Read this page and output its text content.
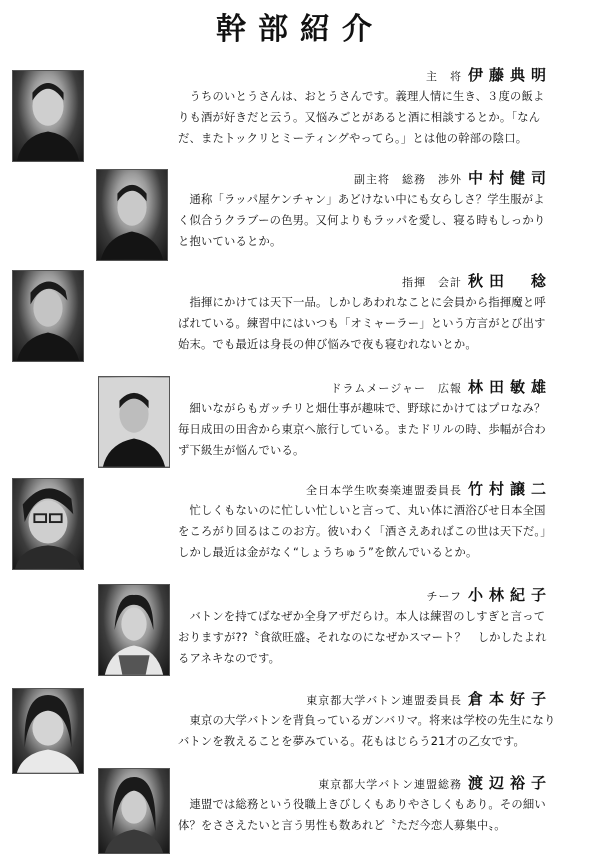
幹部紹介
主　将 伊藤典明
　うちのいとうさんは、おとうさんです。義理人情に生き、３度の飯よりも酒が好きだと云う。又悩みごとがあると酒に相談するとか。「なんだ、またトックリとミーティングやってら。」とは他の幹部の陰口。
副主将　総務　渉外 中村健司
　通称「ラッパ屋ケンチャン」あどけない中にも女らしさ？学生服がよく似合うクラブーの色男。又何よりもラッパを愛し、寝る時もしっかりと抱いているとか。
指揮　会計 秋田　稔
　指揮にかけては天下一品。しかしあわれなことに会員から指揮魔と呼ばれている。練習中にはいつも「オミャーラー」という方言がとび出す始末。でも最近は身長の伸び悩みで夜も寝むれないとか。
ドラムメージャー　広報 林田敏雄
　細いながらもガッチリと畑仕事が趣味で、野球にかけてはプロなみ？毎日成田の田舎から東京へ旅行している。またドリルの時、歩幅が合わず下級生が悩んでいる。
全日本学生吹奏楽連盟委員長 竹村譲二
　忙しくもないのに忙しい忙しいと言って、丸い体に酒浴びせ日本全国をころがり回るはこのお方。彼いわく「酒さえあればこの世は天下だ。」しかし最近は金がなく“しょうちゅう”を飲んでいるとか。
チーフ 小林紀子
　バトンを持てばなぜか全身アザだらけ。本人は練習のしすぎと言っておりますが??〝食欲旺盛〟それなのになぜかスマート？　しかしたよれるアネキなのです。
東京都大学バトン連盟委員長 倉本好子
　東京の大学バトンを背負っているガンバリマ。将来は学校の先生になりバトンを教えることを夢みている。花もはじらう21才の乙女です。
東京都大学バトン連盟総務 渡辺裕子
　連盟では総務という役職上きびしくもありやさしくもあり。その細い体？をささえたいと言う男性も数あれど〝ただ今恋人募集中〟。
